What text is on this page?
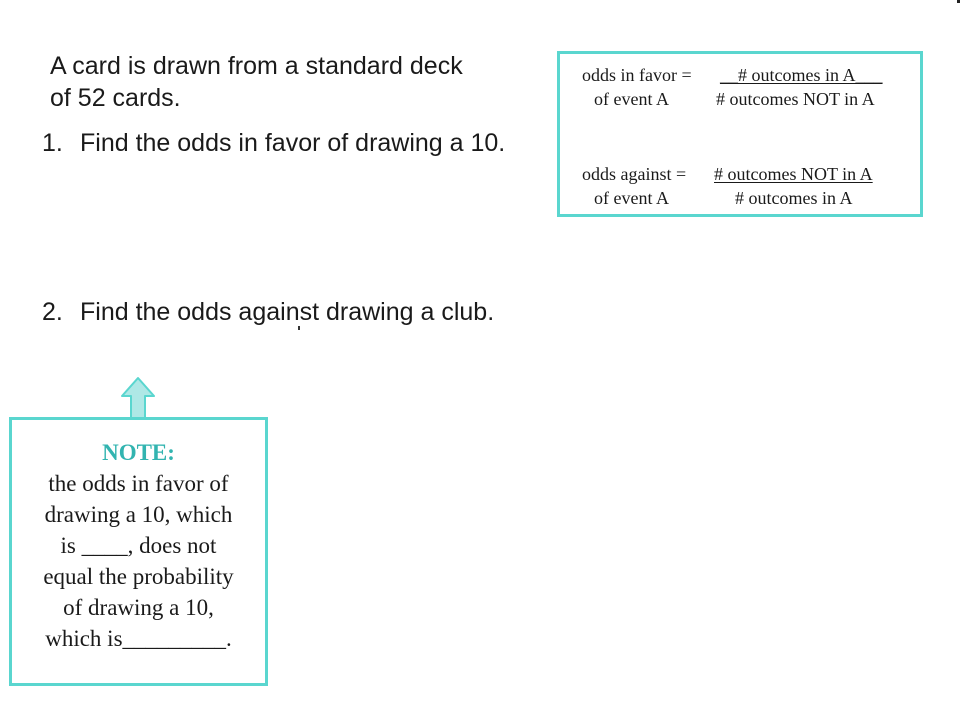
A card is drawn from a standard deck
of 52 cards.
1. Find the odds in favor of drawing a 10.
2. Find the odds against drawing a club.
odds in favor = __# outcomes in A___
of event A	# outcomes NOT in A
odds against = # outcomes NOT in A
of event A	# outcomes in A
NOTE:
the odds in favor of
drawing a 10, which
is ____, does not
equal the probability
of drawing a 10,
which is_________.
